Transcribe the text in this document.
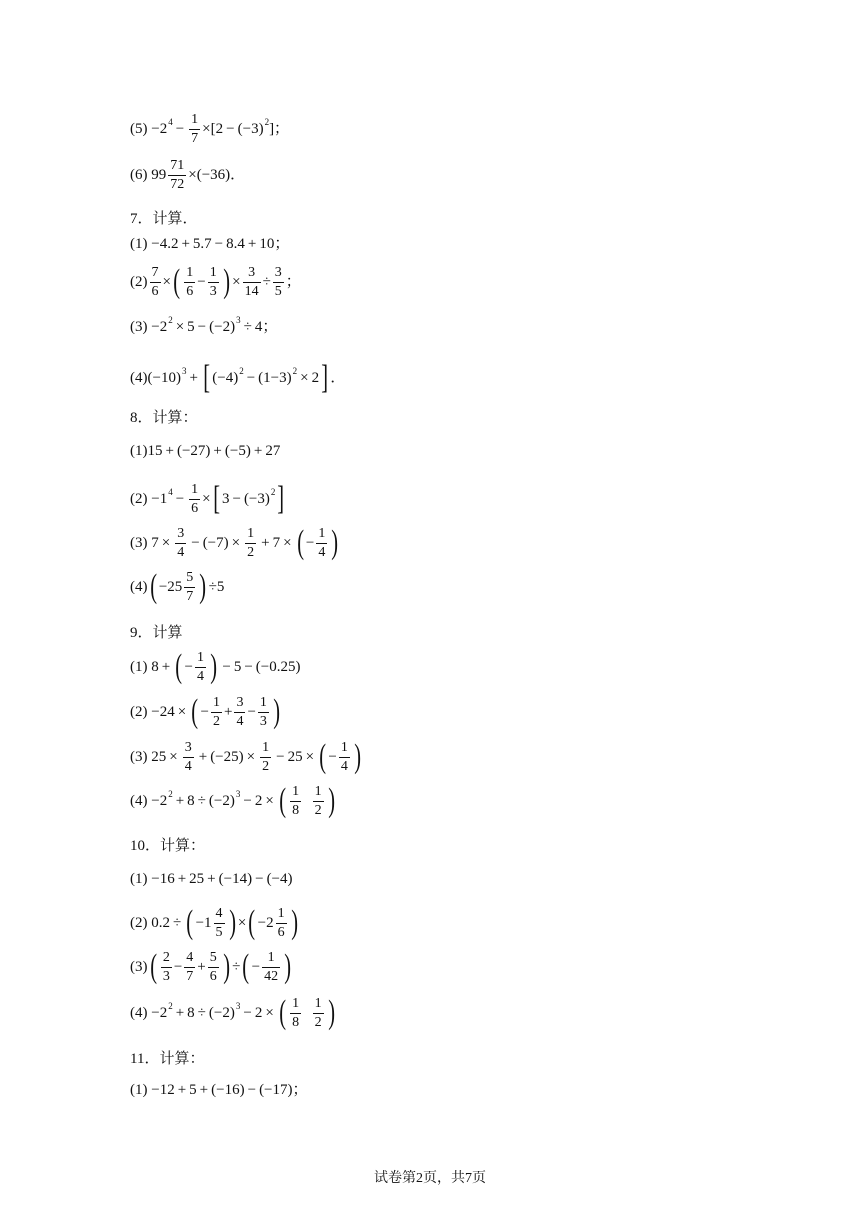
(5) −2 $4 - \frac{1}{7} \times[2 - (-3)$ 2 ]；
(6) $99 \frac{71}{72} \times(-36)$．
7．计算．
(1) −4.2 + 5.7 − 8.4 + 10；
$(2) \frac{7}{6}$ × ( $\frac{1}{6} - \frac{1}{3}$ ) × $\frac{3}{14} \div \frac{3}{5}$ ；
(3) −2 2 × 5 − (−2) 3 ÷ 4；
(4) (−10) 3 + [ (−4) 2 − (1−3) 2 × 2 ] ．
8．计算：
(1)15 + (−27) + (−5) + 27
(2) −1 $4 - \frac{1}{6}$ × [ 3 − (−3) 2 ]
(3) $7 \times \frac{3}{4} - (-7) \times \frac{1}{2} + 7$ × ( − $\frac{1}{4}$ )
(4) ( $-25 \frac{5}{7}$ ) ÷5
9．计算
(1) 8 + ( − $\frac{1}{4}$ ) − 5 − (−0.25)
(2) −24 × ( − $\frac{1}{2} + \frac{3}{4} - \frac{1}{3}$ )
(3) $25 \times \frac{3}{4} + (-25) \times \frac{1}{2} - 25$ × ( − $\frac{1}{4}$ )
(4) −2 2 + 8 ÷ (−2) 3 − 2 × ( $\frac{1}{8}$
$\frac{1}{2}$ )
10．计算：
(1) −16 + 25 + (−14) − (−4)
(2) 0.2 ÷ ( $-1 \frac{4}{5}$ ) × ( $-2 \frac{1}{6}$ )
(3) ( $\frac{2}{3} - \frac{4}{7} + \frac{5}{6}$ ) ÷ ( − $\frac{1}{42}$ )
(4) −2 2 + 8 ÷ (−2) 3 − 2 × ( $\frac{1}{8}$
$\frac{1}{2}$ )
11．计算：
(1) −12 + 5 + (−16) − (−17)；
试卷第2页，共7页
